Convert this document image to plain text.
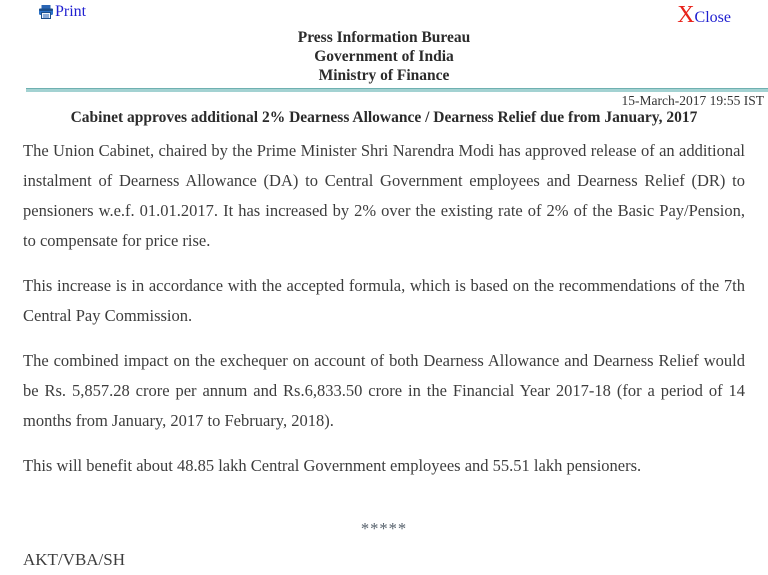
Print	XClose
Press Information Bureau
Government of India
Ministry of Finance
15-March-2017 19:55 IST
Cabinet approves additional 2% Dearness Allowance / Dearness Relief due from January, 2017

The Union Cabinet, chaired by the Prime Minister Shri Narendra Modi has approved release of an additional instalment of Dearness Allowance (DA) to Central Government employees and Dearness Relief (DR) to pensioners w.e.f. 01.01.2017. It has increased by 2% over the existing rate of 2% of the Basic Pay/Pension, to compensate for price rise.

This increase is in accordance with the accepted formula, which is based on the recommendations of the 7th Central Pay Commission.

The combined impact on the exchequer on account of both Dearness Allowance and Dearness Relief would be Rs. 5,857.28 crore per annum and Rs.6,833.50 crore in the Financial Year 2017-18 (for a period of 14 months from January, 2017 to February, 2018).

This will benefit about 48.85 lakh Central Government employees and 55.51 lakh pensioners.

*****
AKT/VBA/SH
